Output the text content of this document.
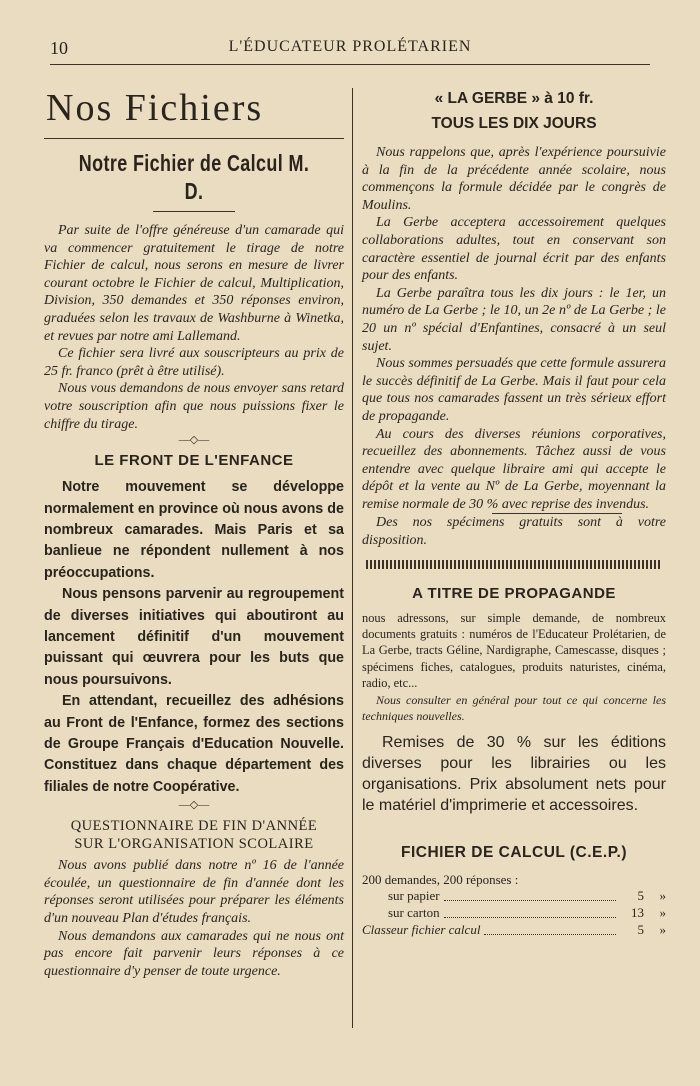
10	L'ÉDUCATEUR PROLÉTARIEN
Nos Fichiers
Notre Fichier de Calcul M. D.

Par suite de l'offre généreuse d'un camarade qui va commencer gratuitement le tirage de notre Fichier de calcul, nous serons en mesure de livrer courant octobre le Fichier de calcul, Multiplication, Division, 350 demandes et 350 réponses environ, graduées selon les travaux de Washburne à Winetka, et revues par notre ami Lallemand.

Ce fichier sera livré aux souscripteurs au prix de 25 fr. franco (prêt à être utilisé).

Nous vous demandons de nous envoyer sans retard votre souscription afin que nous puissions fixer le chiffre du tirage.

—◇—
LE FRONT DE L'ENFANCE

Notre mouvement se développe normalement en province où nous avons de nombreux camarades. Mais Paris et sa banlieue ne répondent nullement à nos préoccupations.

Nous pensons parvenir au regroupement de diverses initiatives qui aboutiront au lancement définitif d'un mouvement puissant qui œuvrera pour les buts que nous poursuivons.

En attendant, recueillez des adhésions au Front de l'Enfance, formez des sections de Groupe Français d'Education Nouvelle. Constituez dans chaque département des filiales de notre Coopérative.

—◇—
QUESTIONNAIRE DE FIN D'ANNÉE
SUR L'ORGANISATION SCOLAIRE

Nous avons publié dans notre nº 16 de l'année écoulée, un questionnaire de fin d'année dont les réponses seront utilisées pour préparer les éléments d'un nouveau Plan d'études français.

Nous demandons aux camarades qui ne nous ont pas encore fait parvenir leurs réponses à ce questionnaire d'y penser de toute urgence.

« LA GERBE » à 10 fr.
TOUS LES DIX JOURS

Nous rappelons que, après l'expérience poursuivie à la fin de la précédente année scolaire, nous commençons la formule décidée par le congrès de Moulins.

La Gerbe acceptera accessoirement quelques collaborations adultes, tout en conservant son caractère essentiel de journal écrit par des enfants pour des enfants.

La Gerbe paraîtra tous les dix jours : le 1er, un numéro de La Gerbe ; le 10, un 2e nº de La Gerbe ; le 20 un nº spécial d'Enfantines, consacré à un seul sujet.

Nous sommes persuadés que cette formule assurera le succès définitif de La Gerbe. Mais il faut pour cela que tous nos camarades fassent un très sérieux effort de propagande.

Au cours des diverses réunions corporatives, recueillez des abonnements. Tâchez aussi de vous entendre avec quelque libraire ami qui accepte le dépôt et la vente au Nº de La Gerbe, moyennant la remise normale de 30 % avec reprise des invendus.

Des nos spécimens gratuits sont à votre disposition.

A TITRE DE PROPAGANDE

nous adressons, sur simple demande, de nombreux documents gratuits : numéros de l'Educateur Prolétarien, de La Gerbe, tracts Géline, Nardigraphe, Camescasse, disques ; spécimens fiches, catalogues, produits naturistes, cinéma, radio, etc...

Nous consulter en général pour tout ce qui concerne les techniques nouvelles.

Remises de 30 % sur les éditions diverses pour les librairies ou les organisations. Prix absolument nets pour le matériel d'imprimerie et accessoires.

FICHIER DE CALCUL (C.E.P.)
200 demandes, 200 réponses :
sur papier	5	»
sur carton	13	»
Classeur fichier calcul	5	»
